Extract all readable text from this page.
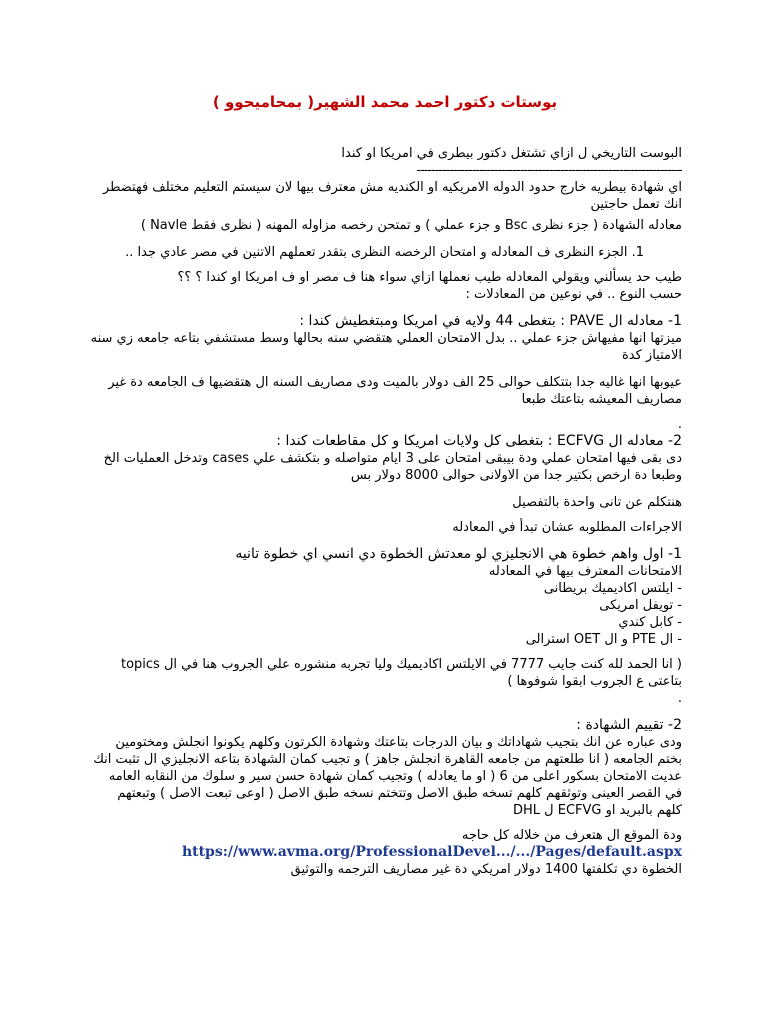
بوستات دكتور احمد محمد الشهير( بمحاميحوو )

البوست التاريخي ل ازاي تشتغل دكتور بيطرى في امريكا او كندا

------------------------------------------------------------------------

اي شهادة بيطريه خارج حدود الدوله الامريكيه او الكنديه مش معترف بيها لان سيستم التعليم مختلف فهتضطر انك تعمل حاجتين

معادله الشهادة ( جزء نظرى Bsc و جزء عملي ) و تمتحن رخصه مزاوله المهنه ( نظرى فقط Navle )

1. الجزء النظرى ف المعادله و امتحان الرخصه النظرى بتقدر تعملهم الاتنين في مصر عادي جدا ..

طيب حد يسألني ويقولي المعادله طيب نعملها ازاي سواء هنا ف مصر او ف امريكا او كندا ؟ ؟؟

حسب النوع .. في نوعين من المعادلات :

1- معادله ال PAVE : بتغطى 44 ولايه في امريكا ومبتغطيش كندا :

ميزتها انها مفيهاش جزء عملي .. بدل الامتحان العملي هتقضي سنه بحالها وسط مستشفي بتاعه جامعه زي سنه الامتياز كدة

عيوبها انها غاليه جدا بتتكلف حوالى 25 الف دولار بالميت ودى مصاريف السنه ال هتقضيها ف الجامعه دة غير مصاريف المعيشه بتاعتك طبعا

.

2- معادله ال ECFVG : بتغطى كل ولايات امريكا و كل مقاطعات كندا :

دى بقى فيها امتحان عملي ودة بيبقى امتحان على 3 ايام متواصله و بتكشف علي cases وتدخل العمليات الخ وطبعا دة ارخص بكتير جدا من الاولانى حوالى 8000 دولار بس

هنتكلم عن تانى واحدة بالتفصيل

الاجراءات المطلوبه عشان تبدأ في المعادله

1- اول واهم خطوة هي الانجليزي لو معدتش الخطوة دي انسي اي خطوة تانيه

الامتحانات المعترف بيها في المعادله

- ايلتس اكاديميك بريطانى

- تويفل امريكى

- كابل كندي

- ال PTE و ال OET استرالى

( انا الحمد لله كنت جايب 7777 في الايلتس اكاديميك وليا تجربه منشوره علي الجروب هنا في ال topics بتاعتى ع الجروب ابقوا شوفوها )

.

2- تقييم الشهادة :

ودى عباره عن انك بتجيب شهاداتك و بيان الدرجات بتاعتك وشهادة الكرتون وكلهم يكونوا انجلش ومختومين بختم الجامعه ( انا طلعتهم من جامعه القاهرة انجلش جاهز ) و تجيب كمان الشهادة بتاعه الانجليزي ال تثبت انك عديت الامتحان بسكور اعلى من 6 ( او ما يعادله ) وتجيب كمان شهادة حسن سير و سلوك من النقابه العامه في القصر العينى وتوثقهم كلهم تسخه طبق الاصل وتتختم نسخه طبق الاصل ( اوعى تبعت الاصل ) وتبعتهم كلهم بالبريد او ECFVG ل DHL

ودة الموقع ال هتعرف من خلاله كل حاجه

https://www.avma.org/ProfessionalDevel.../.../Pages/default.aspx

الخطوة دي تكلفتها 1400 دولار امريكي دة غير مصاريف الترجمه والتوثيق
